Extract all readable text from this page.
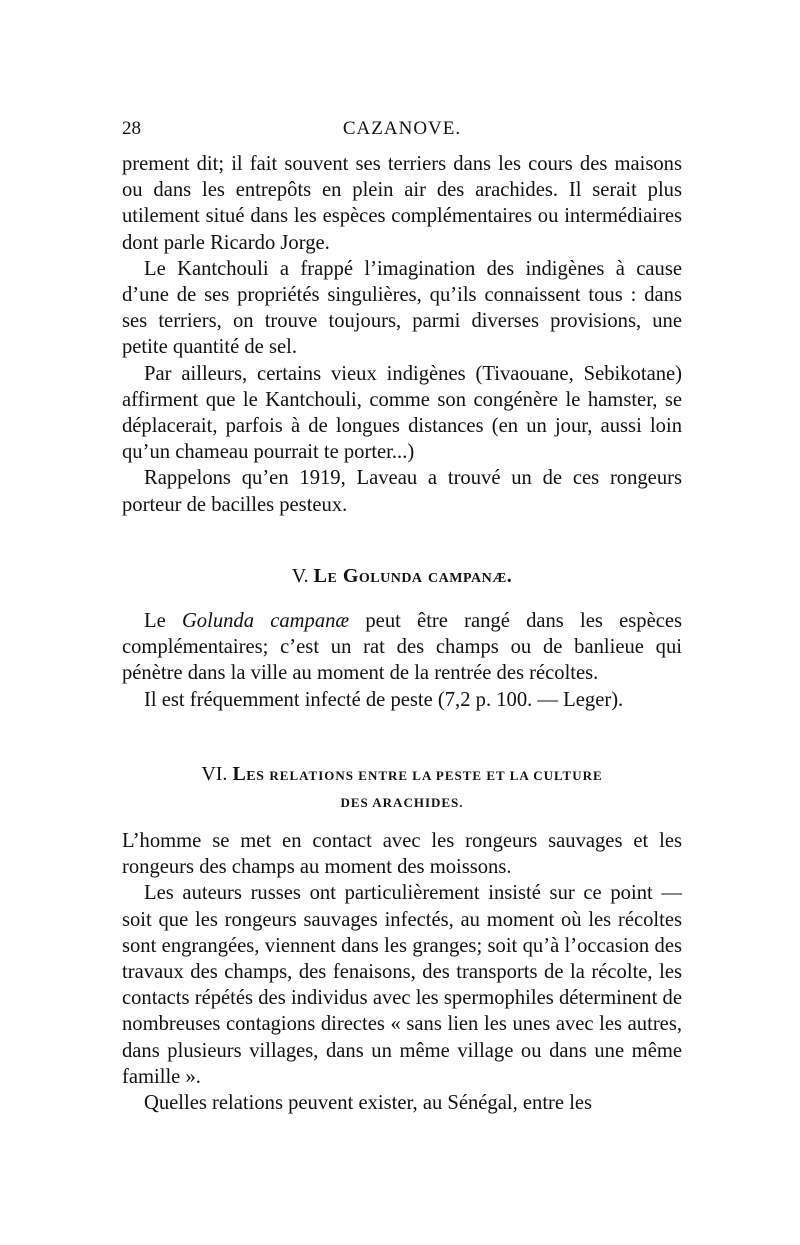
28	CAZANOVE.

prement dit; il fait souvent ses terriers dans les cours des maisons ou dans les entrepôts en plein air des arachides. Il serait plus utilement situé dans les espèces complémentaires ou intermédiaires dont parle Ricardo Jorge.

Le Kantchouli a frappé l’imagination des indigènes à cause d’une de ses propriétés singulières, qu’ils connaissent tous : dans ses terriers, on trouve toujours, parmi diverses provisions, une petite quantité de sel.

Par ailleurs, certains vieux indigènes (Tivaouane, Sebikotane) affirment que le Kantchouli, comme son congénère le hamster, se déplacerait, parfois à de longues distances (en un jour, aussi loin qu’un chameau pourrait te porter...)

Rappelons qu’en 1919, Laveau a trouvé un de ces rongeurs porteur de bacilles pesteux.

V. Le Golunda campanæ.

Le Golunda campanæ peut être rangé dans les espèces complémentaires; c’est un rat des champs ou de banlieue qui pénètre dans la ville au moment de la rentrée des récoltes.

Il est fréquemment infecté de peste (7,2 p. 100. — Leger).

VI. Les RELATIONS ENTRE LA PESTE ET LA CULTURE
DES ARACHIDES.

L’homme se met en contact avec les rongeurs sauvages et les rongeurs des champs au moment des moissons.

Les auteurs russes ont particulièrement insisté sur ce point — soit que les rongeurs sauvages infectés, au moment où les récoltes sont engrangées, viennent dans les granges; soit qu’à l’occasion des travaux des champs, des fenaisons, des transports de la récolte, les contacts répétés des individus avec les spermophiles déterminent de nombreuses contagions directes « sans lien les unes avec les autres, dans plusieurs villages, dans un même village ou dans une même famille ».

Quelles relations peuvent exister, au Sénégal, entre les
